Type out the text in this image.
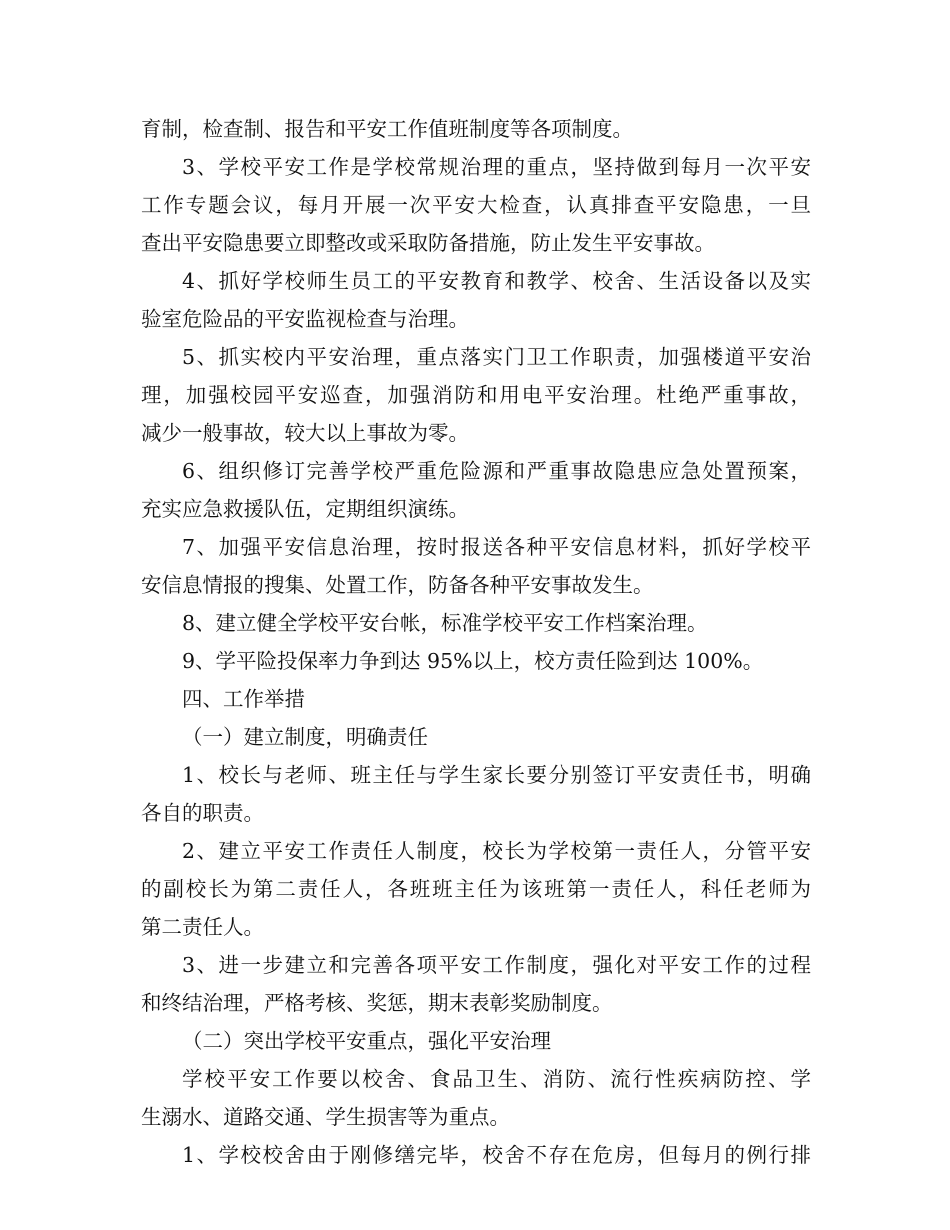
育制，检查制、报告和平安工作值班制度等各项制度。
3、学校平安工作是学校常规治理的重点，坚持做到每月一次平安
工作专题会议，每月开展一次平安大检查，认真排查平安隐患，一旦
查出平安隐患要立即整改或采取防备措施，防止发生平安事故。
4、抓好学校师生员工的平安教育和教学、校舍、生活设备以及实
验室危险品的平安监视检查与治理。
5、抓实校内平安治理，重点落实门卫工作职责，加强楼道平安治
理，加强校园平安巡查，加强消防和用电平安治理。杜绝严重事故，
减少一般事故，较大以上事故为零。
6、组织修订完善学校严重危险源和严重事故隐患应急处置预案，
充实应急救援队伍，定期组织演练。
7、加强平安信息治理，按时报送各种平安信息材料，抓好学校平
安信息情报的搜集、处置工作，防备各种平安事故发生。
8、建立健全学校平安台帐，标准学校平安工作档案治理。
9、学平险投保率力争到达 95%以上，校方责任险到达 100%。
四、工作举措
（一）建立制度，明确责任
1、校长与老师、班主任与学生家长要分别签订平安责任书，明确
各自的职责。
2、建立平安工作责任人制度，校长为学校第一责任人，分管平安
的副校长为第二责任人，各班班主任为该班第一责任人，科任老师为
第二责任人。
3、进一步建立和完善各项平安工作制度，强化对平安工作的过程
和终结治理，严格考核、奖惩，期末表彰奖励制度。
（二）突出学校平安重点，强化平安治理
学校平安工作要以校舍、食品卫生、消防、流行性疾病防控、学
生溺水、道路交通、学生损害等为重点。
1、学校校舍由于刚修缮完毕，校舍不存在危房，但每月的例行排
